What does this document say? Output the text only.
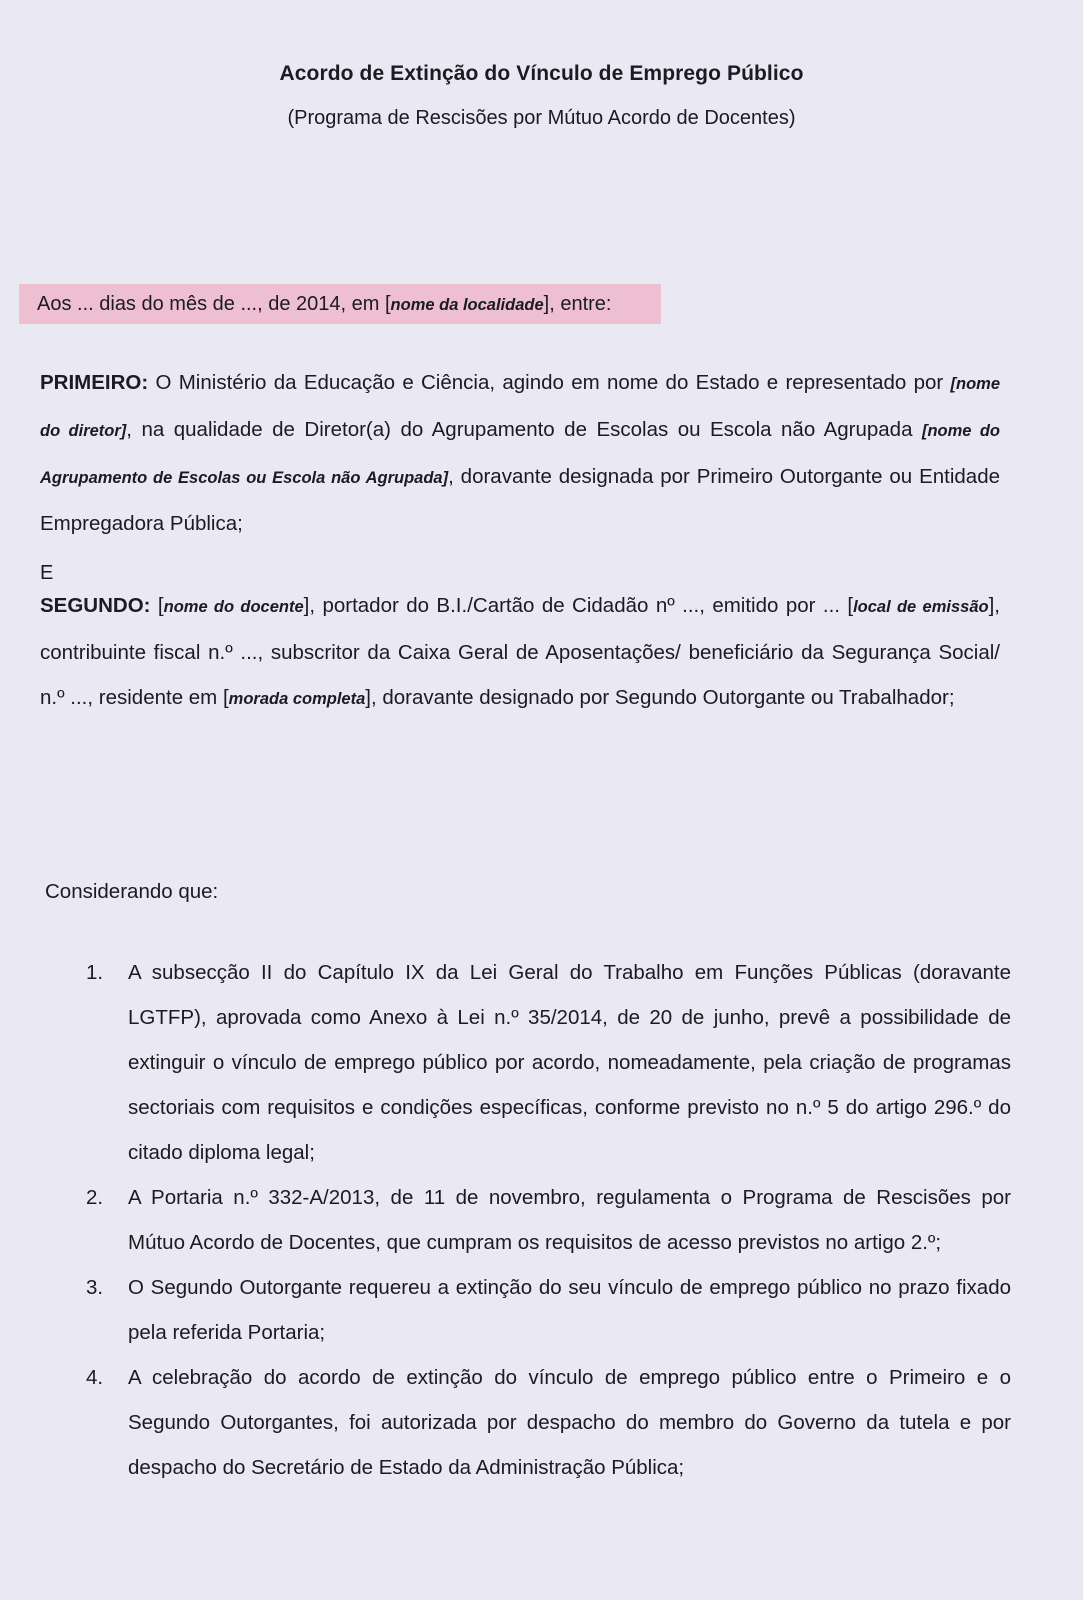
Acordo de Extinção do Vínculo de Emprego Público
(Programa de Rescisões por Mútuo Acordo de Docentes)
Aos ... dias do mês de ..., de 2014, em [nome da localidade], entre:
PRIMEIRO: O Ministério da Educação e Ciência, agindo em nome do Estado e representado por [nome do diretor], na qualidade de Diretor(a) do Agrupamento de Escolas ou Escola não Agrupada [nome do Agrupamento de Escolas ou Escola não Agrupada], doravante designada por Primeiro Outorgante ou Entidade Empregadora Pública;
E
SEGUNDO: [nome do docente], portador do B.I./Cartão de Cidadão nº ..., emitido por ... [local de emissão], contribuinte fiscal n.º ..., subscritor da Caixa Geral de Aposentações/ beneficiário da Segurança Social/ n.º ..., residente em [morada completa], doravante designado por Segundo Outorgante ou Trabalhador;
Considerando que:
1. A subsecção II do Capítulo IX da Lei Geral do Trabalho em Funções Públicas (doravante LGTFP), aprovada como Anexo à Lei n.º 35/2014, de 20 de junho, prevê a possibilidade de extinguir o vínculo de emprego público por acordo, nomeadamente, pela criação de programas sectoriais com requisitos e condições específicas, conforme previsto no n.º 5 do artigo 296.º do citado diploma legal;
2. A Portaria n.º 332-A/2013, de 11 de novembro, regulamenta o Programa de Rescisões por Mútuo Acordo de Docentes, que cumpram os requisitos de acesso previstos no artigo 2.º;
3. O Segundo Outorgante requereu a extinção do seu vínculo de emprego público no prazo fixado pela referida Portaria;
4. A celebração do acordo de extinção do vínculo de emprego público entre o Primeiro e o Segundo Outorgantes, foi autorizada por despacho do membro do Governo da tutela e por despacho do Secretário de Estado da Administração Pública;
